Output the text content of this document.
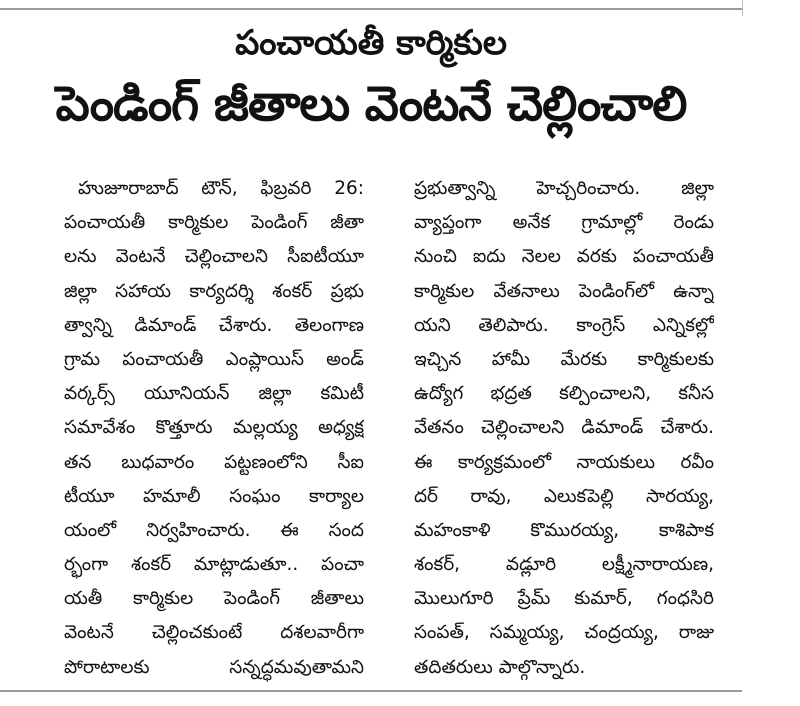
పంచాయతీ కార్మికుల
పెండింగ్ జీతాలు వెంటనే చెల్లించాలి
హుజూరాబాద్ టౌన్, ఫిబ్రవరి 26:
పంచాయతీ కార్మికుల పెండింగ్ జీతా
లను వెంటనే చెల్లించాలని సీఐటీయూ
జిల్లా సహాయ కార్యదర్శి శంకర్ ప్రభు
త్వాన్ని డిమాండ్ చేశారు. తెలంగాణ
గ్రామ పంచాయతీ ఎంప్లాయిస్ అండ్
వర్కర్స్ యూనియన్ జిల్లా కమిటీ
సమావేశం కొత్తూరు మల్లయ్య అధ్యక్ష
తన బుధవారం పట్టణంలోని సీఐ
టీయూ హమాలీ సంఘం కార్యాల
యంలో నిర్వహించారు. ఈ సంద
ర్భంగా శంకర్ మాట్లాడుతూ.. పంచా
యతీ కార్మికుల పెండింగ్ జీతాలు
వెంటనే చెల్లించకుంటే దశలవారీగా
పోరాటాలకు సన్నద్ధమవుతామని
ప్రభుత్వాన్ని హెచ్చరించారు. జిల్లా
వ్యాప్తంగా అనేక గ్రామాల్లో రెండు
నుంచి ఐదు నెలల వరకు పంచాయతీ
కార్మికుల వేతనాలు పెండింగ్‌లో ఉన్నా
యని తెలిపారు. కాంగ్రెస్ ఎన్నికల్లో
ఇచ్చిన హామీ మేరకు కార్మికులకు
ఉద్యోగ భద్రత కల్పించాలని, కనీస
వేతనం చెల్లించాలని డిమాండ్ చేశారు.
ఈ కార్యక్రమంలో నాయకులు రవీం
దర్ రావు, ఎలుకపెల్లి సారయ్య,
మహంకాళి కొమురయ్య, కాశిపాక
శంకర్, వడ్లూరి లక్ష్మీనారాయణ,
మొలుగూరి ప్రేమ్ కుమార్, గంధసిరి
సంపత్, సమ్మయ్య, చంద్రయ్య, రాజు
తదితరులు పాల్గొన్నారు.
